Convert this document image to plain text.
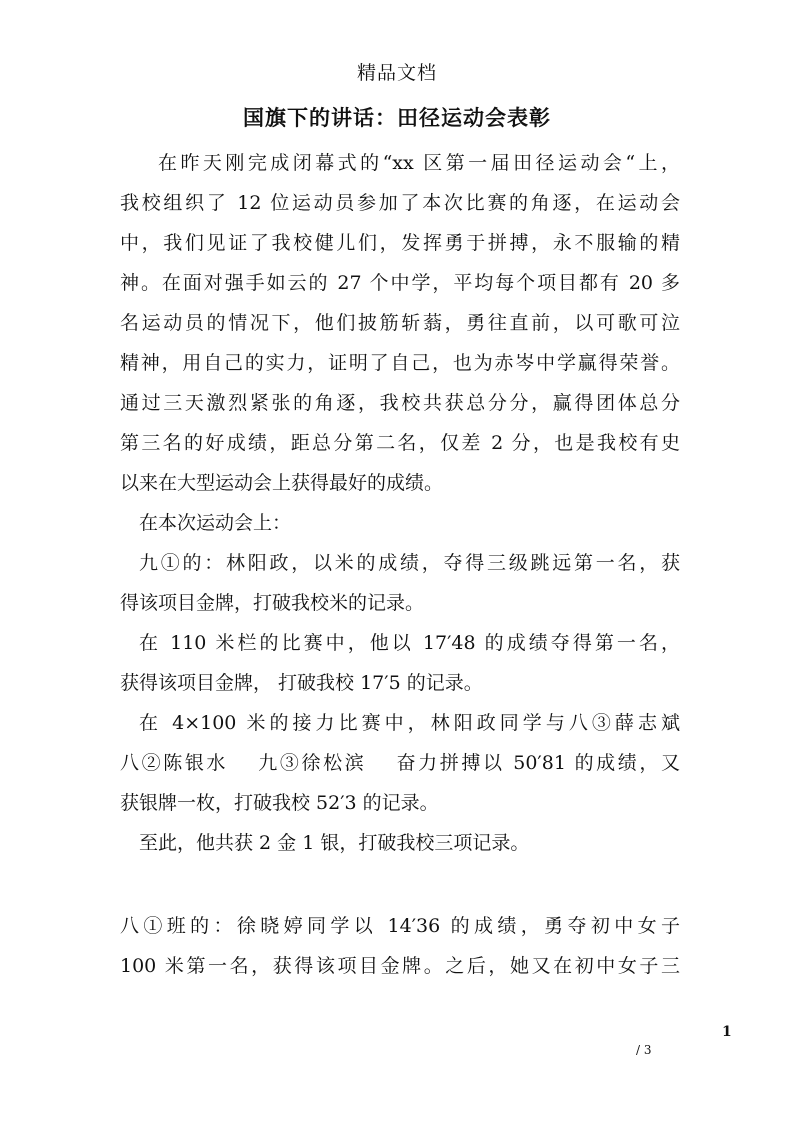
精品文档
国旗下的讲话：田径运动会表彰
在昨天刚完成闭幕式的“xx 区第一届田径运动会“上，
我校组织了 12 位运动员参加了本次比赛的角逐，在运动会
中，我们见证了我校健儿们，发挥勇于拼搏，永不服输的精
神。在面对强手如云的 27 个中学，平均每个项目都有 20 多
名运动员的情况下，他们披筋斩蓊，勇往直前，以可歌可泣
精神，用自己的实力，证明了自己，也为赤岑中学赢得荣誉。
通过三天激烈紧张的角逐，我校共获总分分，赢得团体总分
第三名的好成绩，距总分第二名，仅差 2 分，也是我校有史
以来在大型运动会上获得最好的成绩。
在本次运动会上：
九①的：林阳政，以米的成绩，夺得三级跳远第一名，获
得该项目金牌，打破我校米的记录。
在 110 米栏的比赛中，他以 17′48 的成绩夺得第一名，
获得该项目金牌， 打破我校 17′5 的记录。
在 4×100 米的接力比赛中，林阳政同学与八③薛志斌
八②陈银水　 九③徐松滨　 奋力拼搏以 50′81 的成绩，又
获银牌一枚，打破我校 52′3 的记录。
至此，他共获 2 金 1 银，打破我校三项记录。
八①班的：徐晓婷同学以 14′36 的成绩，勇夺初中女子
100 米第一名，获得该项目金牌。之后，她又在初中女子三
1
/ 3
